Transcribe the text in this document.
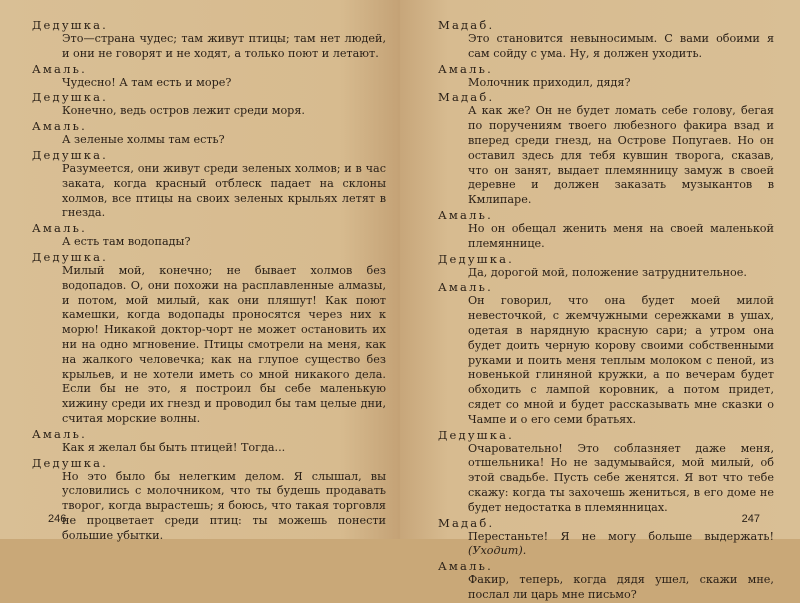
Дедушка.
Это—страна чудес; там живут птицы; там нет людей, и они не говорят и не ходят, а только поют и летают.
Амаль.
Чудесно! А там есть и море?
Дедушка.
Конечно, ведь остров лежит среди моря.
Амаль.
А зеленые холмы там есть?
Дедушка.
Разумеется, они живут среди зеленых холмов; и в час заката, когда красный отблеск падает на склоны холмов, все птицы на своих зеленых крыльях летят в гнезда.
Амаль.
А есть там водопады?
Дедушка.
Милый мой, конечно; не бывает холмов без водопадов. О, они похожи на расплавленные алмазы, и потом, мой милый, как они пляшут! Как поют камешки, когда водопады проносятся через них к морю! Никакой доктор-чорт не может остановить их ни на одно мгновение. Птицы смотрели на меня, как на жалкого человечка; как на глупое существо без крыльев, и не хотели иметь со мной никакого дела. Если бы не это, я построил бы себе маленькую хижину среди их гнезд и проводил бы там целые дни, считая морские волны.
Амаль.
Как я желал бы быть птицей! Тогда...
Дедушка.
Но это было бы нелегким делом. Я слышал, вы условились с молочником, что ты будешь продавать творог, когда вырастешь; я боюсь, что такая торговля не процветает среди птиц: ты можешь понести большие убытки.
246
Мадаб.
Это становится невыносимым. С вами обоими я сам сойду с ума. Ну, я должен уходить.
Амаль.
Молочник приходил, дядя?
Мадаб.
А как же? Он не будет ломать себе голову, бегая по поручениям твоего любезного факира взад и вперед среди гнезд, на Острове Попугаев. Но он оставил здесь для тебя кувшин творога, сказав, что он занят, выдает племянницу замуж в своей деревне и должен заказать музыкантов в Кмлипаре.
Амаль.
Но он обещал женить меня на своей маленькой племяннице.
Дедушка.
Да, дорогой мой, положение затруднительное.
Амаль.
Он говорил, что она будет моей милой невесточкой, с жемчужными сережками в ушах, одетая в нарядную красную сари; а утром она будет доить черную корову своими собственными руками и поить меня теплым молоком с пеной, из новенькой глиняной кружки, а по вечерам будет обходить с лампой коровник, а потом придет, сядет со мной и будет рассказывать мне сказки о Чампе и о его семи братьях.
Дедушка.
Очаровательно! Это соблазняет даже меня, отшельника! Но не задумывайся, мой милый, об этой свадьбе. Пусть себе женятся. Я вот что тебе скажу: когда ты захочешь жениться, в его доме не будет недостатка в племянницах.
Мадаб.
Перестаньте! Я не могу больше выдержать! (Уходит).
Амаль.
Факир, теперь, когда дядя ушел, скажи мне, послал ли царь мне письмо?
247
